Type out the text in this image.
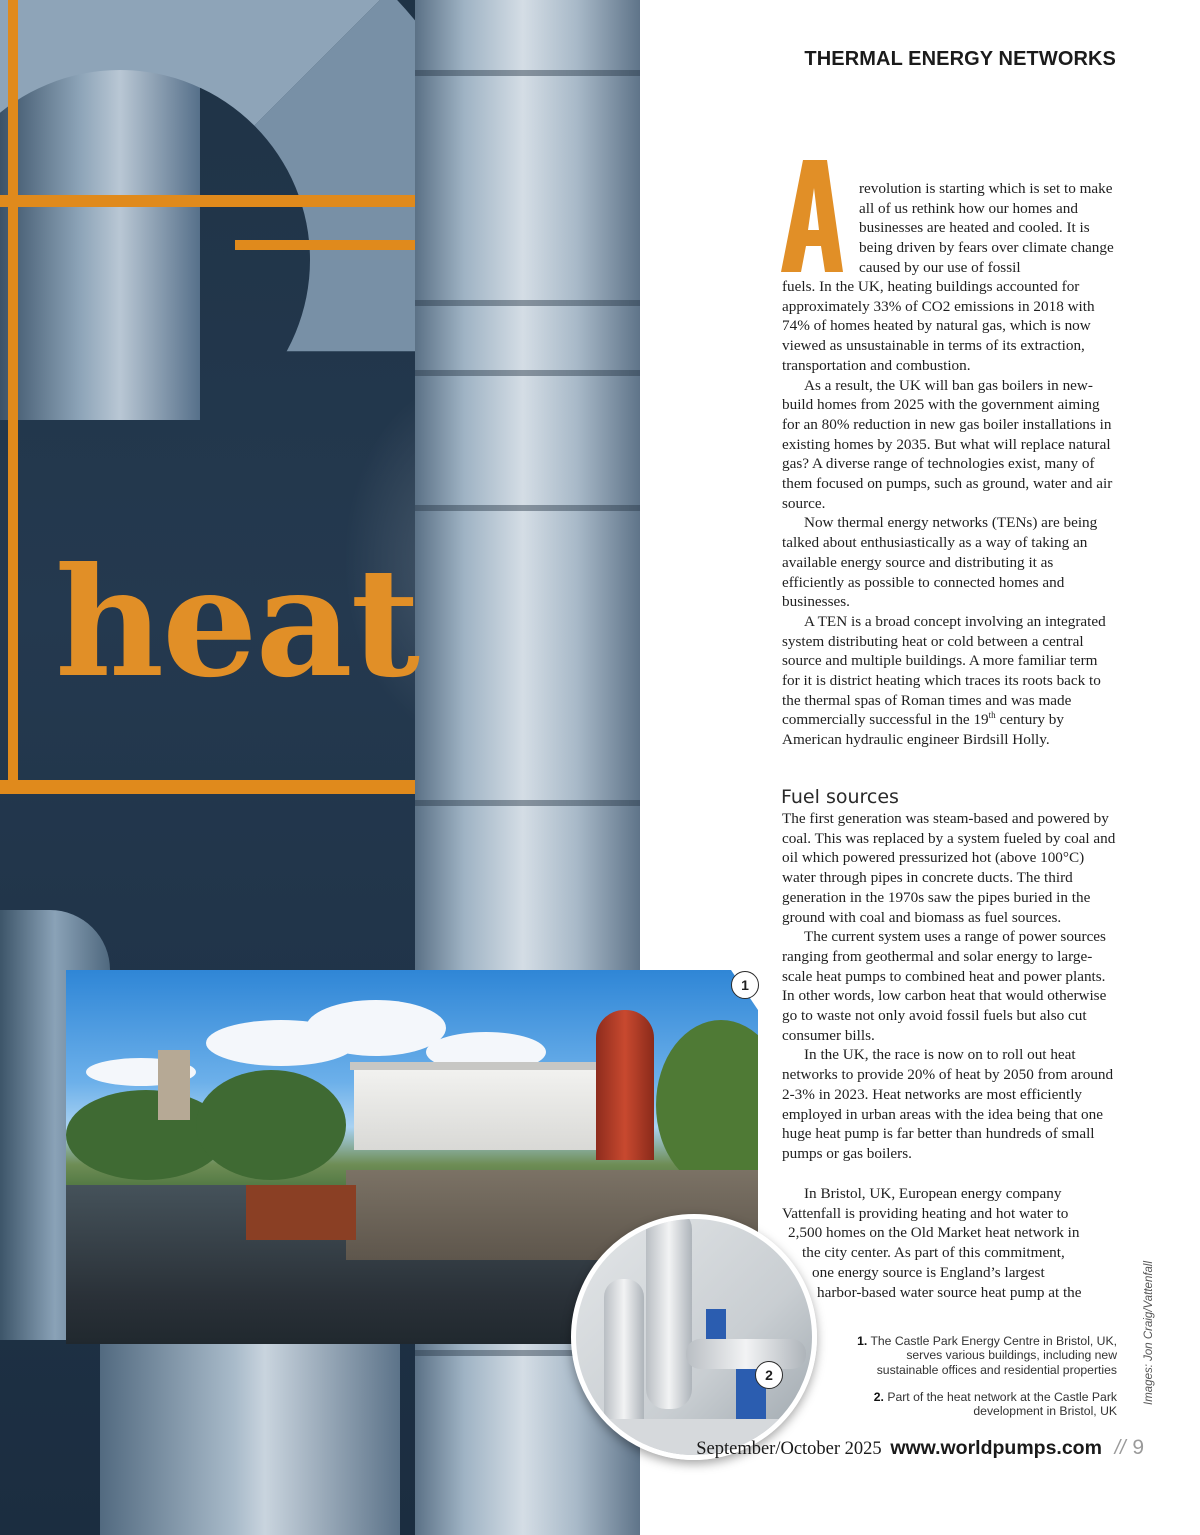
heat
1
2
THERMAL ENERGY NETWORKS

revolution is starting which is set to make all of us rethink how our homes and businesses are heated and cooled. It is being driven by fears over climate change caused by our use of fossil

fuels. In the UK, heating buildings accounted for approximately 33% of CO2 emissions in 2018 with 74% of homes heated by natural gas, which is now viewed as unsustainable in terms of its extraction, transportation and combustion.

As a result, the UK will ban gas boilers in new-build homes from 2025 with the government aiming for an 80% reduction in new gas boiler installations in existing homes by 2035. But what will replace natural gas? A diverse range of technologies exist, many of them focused on pumps, such as ground, water and air source.

Now thermal energy networks (TENs) are being talked about enthusiastically as a way of taking an available energy source and distributing it as efficiently as possible to connected homes and businesses.

A TEN is a broad concept involving an integrated system distributing heat or cold between a central source and multiple buildings. A more familiar term for it is district heating which traces its roots back to the thermal spas of Roman times and was made commercially successful in the 19th century by American hydraulic engineer Birdsill Holly.

Fuel sources

The first generation was steam-based and powered by coal. This was replaced by a system fueled by coal and oil which powered pressurized hot (above 100°C) water through pipes in concrete ducts. The third generation in the 1970s saw the pipes buried in the ground with coal and biomass as fuel sources.

The current system uses a range of power sources ranging from geothermal and solar energy to large-scale heat pumps to combined heat and power plants. In other words, low carbon heat that would otherwise go to waste not only avoid fossil fuels but also cut consumer bills.

In the UK, the race is now on to roll out heat networks to provide 20% of heat by 2050 from around 2-3% in 2023. Heat networks are most efficiently employed in urban areas with the idea being that one huge heat pump is far better than hundreds of small pumps or gas boilers.

In Bristol, UK, European energy company

Vattenfall is providing heating and hot water to

2,500 homes on the Old Market heat network in

the city center. As part of this commitment,

one energy source is England’s largest

harbor-based water source heat pump at the

1. The Castle Park Energy Centre in Bristol, UK, serves various buildings, including new sustainable offices and residential properties
2. Part of the heat network at the Castle Park development in Bristol, UK
Images: Jon Craig/Vattenfall
September/October 2025 www.worldpumps.com // 9
